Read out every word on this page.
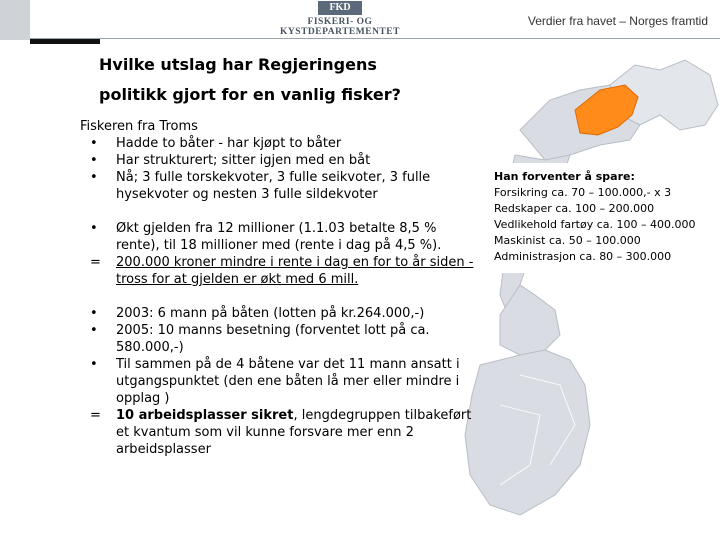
FKD
FISKERI- OG KYSTDEPARTEMENTET
Verdier fra havet – Norges framtid
Hvilke utslag har Regjeringens
politikk gjort for en vanlig fisker?
Fiskeren fra Troms
• Hadde to båter - har kjøpt to båter
• Har strukturert; sitter igjen med en båt
• Nå; 3 fulle torskekvoter, 3 fulle seikvoter, 3 fulle hysekvoter og nesten 3 fulle sildekvoter
• Økt gjelden fra 12 millioner (1.1.03 betalte 8,5 % rente), til 18 millioner med (rente i dag på 4,5 %).
= 200.000 kroner mindre i rente i dag en for to år siden - tross for at gjelden er økt med 6 mill.
• 2003: 6 mann på båten (lotten på kr.264.000,-)
• 2005: 10 manns besetning (forventet lott på ca. 580.000,-)
• Til sammen på de 4 båtene var det 11 mann ansatt i utgangspunktet (den ene båten lå mer eller mindre i opplag )
= 10 arbeidsplasser sikret, lengdegruppen tilbakeført et kvantum som vil kunne forsvare mer enn 2 arbeidsplasser
Han forventer å spare:
Forsikring ca. 70 – 100.000,- x 3
Redskaper ca. 100 – 200.000
Vedlikehold fartøy ca. 100 – 400.000
Maskinist ca. 50 – 100.000
Administrasjon ca. 80 – 300.000
